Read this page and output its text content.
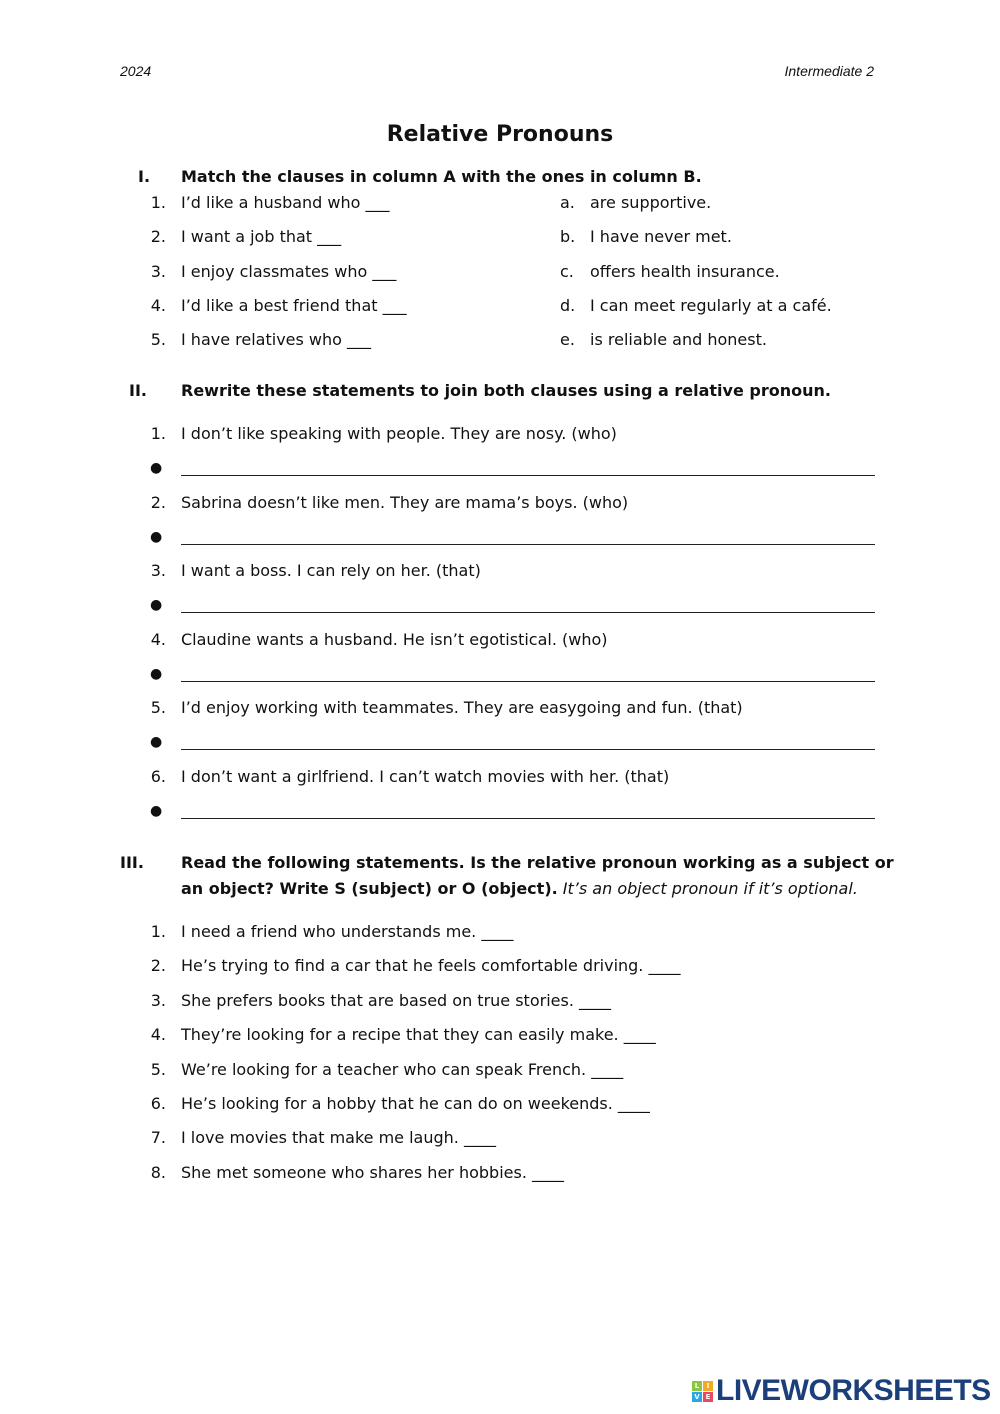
2024	Intermediate 2
Relative Pronouns
I. Match the clauses in column A with the ones in column B.
1. I’d like a husband who ___	a. are supportive.
2. I want a job that ___	b. I have never met.
3. I enjoy classmates who ___	c. offers health insurance.
4. I’d like a best friend that ___	d. I can meet regularly at a café.
5. I have relatives who ___	e. is reliable and honest.
II. Rewrite these statements to join both clauses using a relative pronoun.
1. I don’t like speaking with people. They are nosy. (who)
●
2. Sabrina doesn’t like men. They are mama’s boys. (who)
●
3. I want a boss. I can rely on her. (that)
●
4. Claudine wants a husband. He isn’t egotistical. (who)
●
5. I’d enjoy working with teammates. They are easygoing and fun. (that)
●
6. I don’t want a girlfriend. I can’t watch movies with her. (that)
●
III. Read the following statements. Is the relative pronoun working as a subject or
an object? Write S (subject) or O (object). It’s an object pronoun if it’s optional.
1. I need a friend who understands me. ____
2. He’s trying to find a car that he feels comfortable driving. ____
3. She prefers books that are based on true stories. ____
4. They’re looking for a recipe that they can easily make. ____
5. We’re looking for a teacher who can speak French. ____
6. He’s looking for a hobby that he can do on weekends. ____
7. I love movies that make me laugh. ____
8. She met someone who shares her hobbies. ____
L	I
V E LIVEWORKSHEETS
